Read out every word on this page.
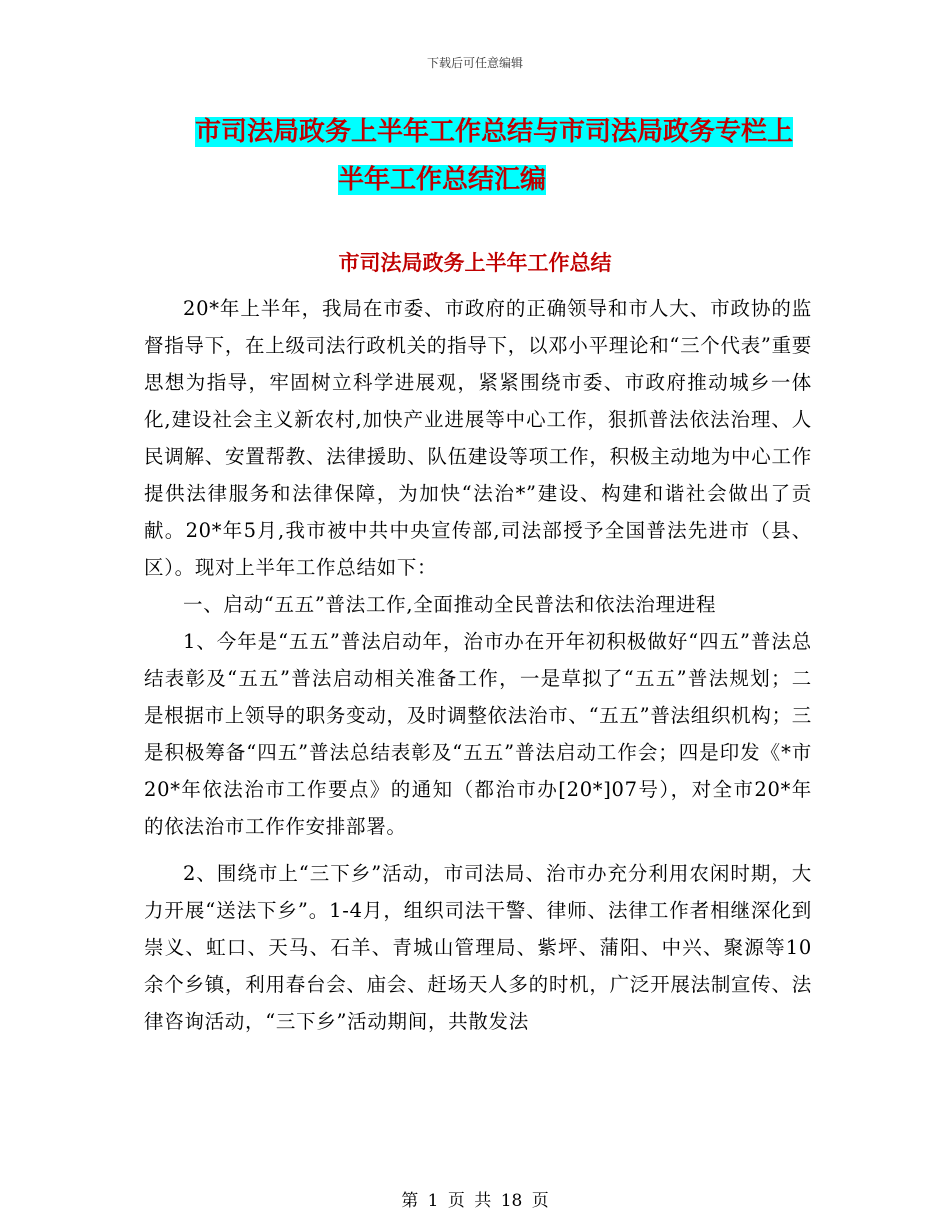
下载后可任意编辑
市司法局政务上半年工作总结与市司法局政务专栏上
半年工作总结汇编
市司法局政务上半年工作总结

20*年上半年，我局在市委、市政府的正确领导和市人大、市政协的监督指导下，在上级司法行政机关的指导下，以邓小平理论和“三个代表”重要思想为指导，牢固树立科学进展观，紧紧围绕市委、市政府推动城乡一体化,建设社会主义新农村,加快产业进展等中心工作，狠抓普法依法治理、人民调解、安置帮教、法律援助、队伍建设等项工作，积极主动地为中心工作提供法律服务和法律保障，为加快“法治*”建设、构建和谐社会做出了贡献。20*年5月,我市被中共中央宣传部,司法部授予全国普法先进市（县、区）。现对上半年工作总结如下：

一、启动“五五”普法工作,全面推动全民普法和依法治理进程

1、今年是“五五”普法启动年，治市办在开年初积极做好“四五”普法总结表彰及“五五”普法启动相关准备工作，一是草拟了“五五”普法规划；二是根据市上领导的职务变动，及时调整依法治市、“五五”普法组织机构；三是积极筹备“四五”普法总结表彰及“五五”普法启动工作会；四是印发《*市20*年依法治市工作要点》的通知（都治市办[20*]07号），对全市20*年的依法治市工作作安排部署。

2、围绕市上“三下乡”活动，市司法局、治市办充分利用农闲时期，大力开展“送法下乡”。1-4月，组织司法干警、律师、法律工作者相继深化到崇义、虹口、天马、石羊、青城山管理局、紫坪、蒲阳、中兴、聚源等10余个乡镇，利用春台会、庙会、赶场天人多的时机，广泛开展法制宣传、法律咨询活动，“三下乡”活动期间，共散发法

第 1 页 共 18 页
